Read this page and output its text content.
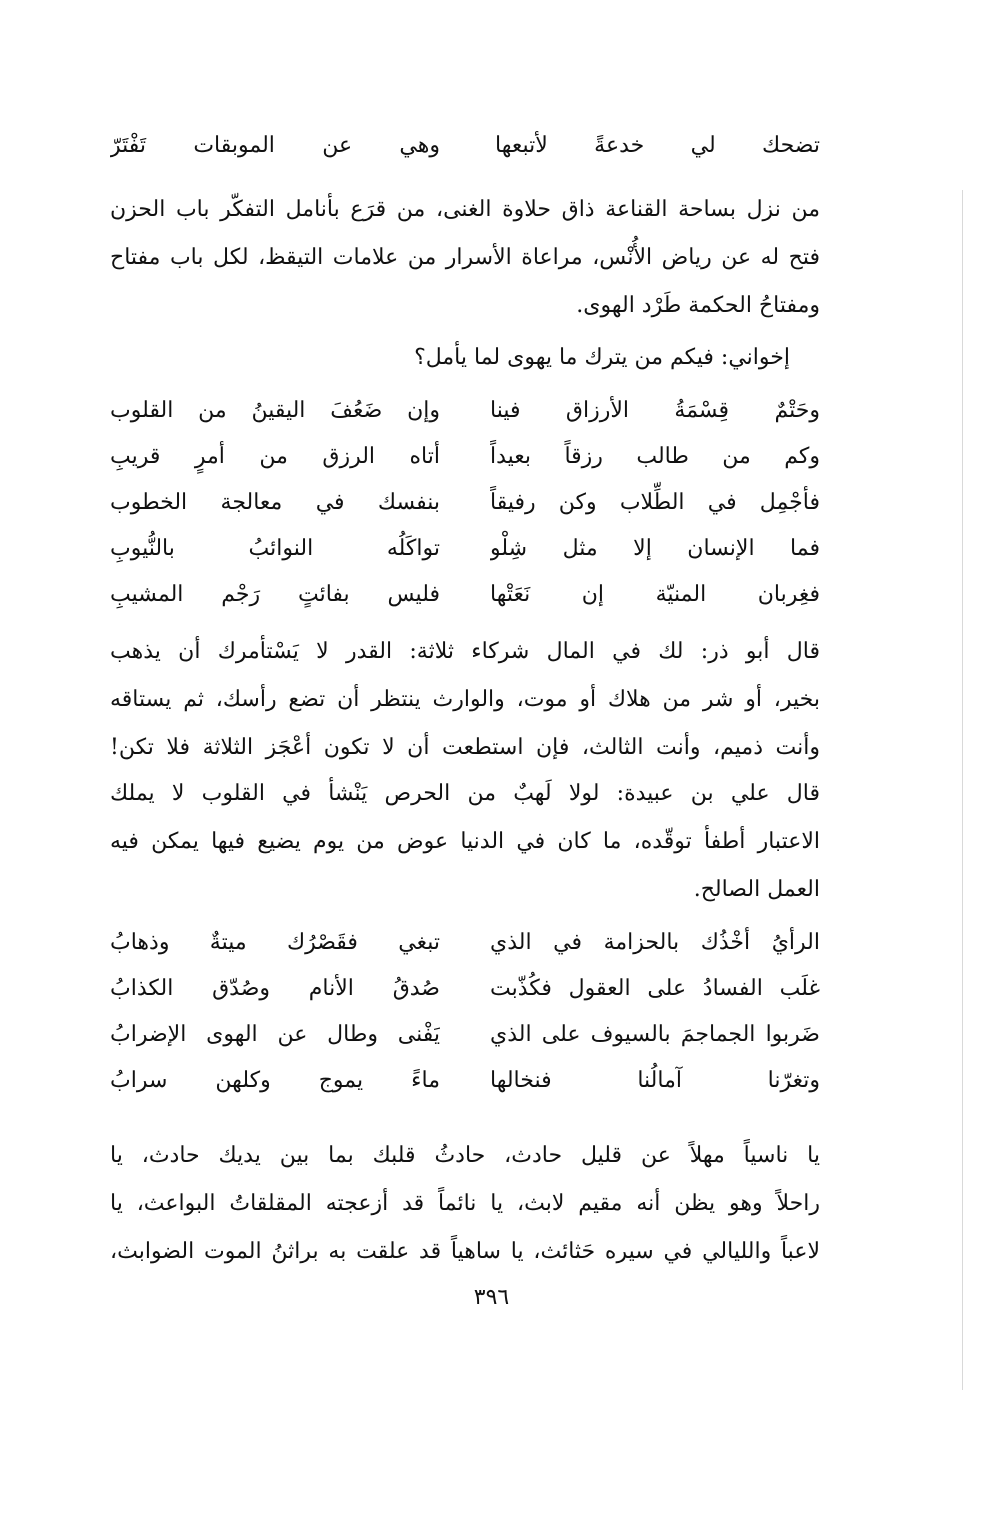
تضحك لي خدعةً لأتبعها
وهي عن الموبقات تَفْتَرّ
من نزل بساحة القناعة ذاق حلاوة الغنى، من قرَع بأنامل التفكّر باب الحزن
فتح له عن رياض الأُنْس، مراعاة الأسرار من علامات التيقظ، لكل باب مفتاح
ومفتاحُ الحكمة طَرْد الهوى.
إخواني: فيكم من يترك ما يهوى لما يأمل؟
وحَتْمٌ قِسْمَةُ الأرزاق فينا
وإن ضَعُفَ اليقينُ من القلوب
وكم من طالب رزقاً بعيداً
أتاه الرزق من أمرٍ قريبِ
فأجْمِل في الطِّلاب وكن رفيقاً
بنفسك في معالجة الخطوب
فما الإنسان إلا مثل شِلْو
تواكَلُه النوائبُ بالنُّيوبِ
فغِربان المنيّة إن نَعَتْها
فليس بفائتٍ رَجْم المشيبِ
قال أبو ذر: لك في المال شركاء ثلاثة: القدر لا يَسْتأمرك أن يذهب
بخير، أو شر من هلاك أو موت، والوارث ينتظر أن تضع رأسك، ثم يستاقه
وأنت ذميم، وأنت الثالث، فإن استطعت أن لا تكون أعْجَز الثلاثة فلا تكن!
قال علي بن عبيدة: لولا لَهبٌ من الحرص يَنْشأ في القلوب لا يملك
الاعتبار أطفأ توقّده، ما كان في الدنيا عوض من يوم يضيع فيها يمكن فيه
العمل الصالح.
الرأيُ أخْذُك بالحزامة في الذي
تبغي فقَصْرُك ميتةٌ وذهابُ
غلَب الفسادُ على العقول فكُذّبت
صُدقُ الأنام وصُدّق الكذابُ
ضَربوا الجماجمَ بالسيوف على الذي
يَفْنى وطال عن الهوى الإضرابُ
وتغرّنا آمالُنا فنخالها
ماءً يموج وكلهن سرابُ
يا ناسياً مهلاً عن قليل حادث، حادثُ قلبك بما بين يديك حادث، يا
راحلاً وهو يظن أنه مقيم لابث، يا نائماً قد أزعجته المقلقاتُ البواعث، يا
لاعباً والليالي في سيره حَثائث، يا ساهياً قد علقت به براثنُ الموت الضوابث،
٣٩٦
